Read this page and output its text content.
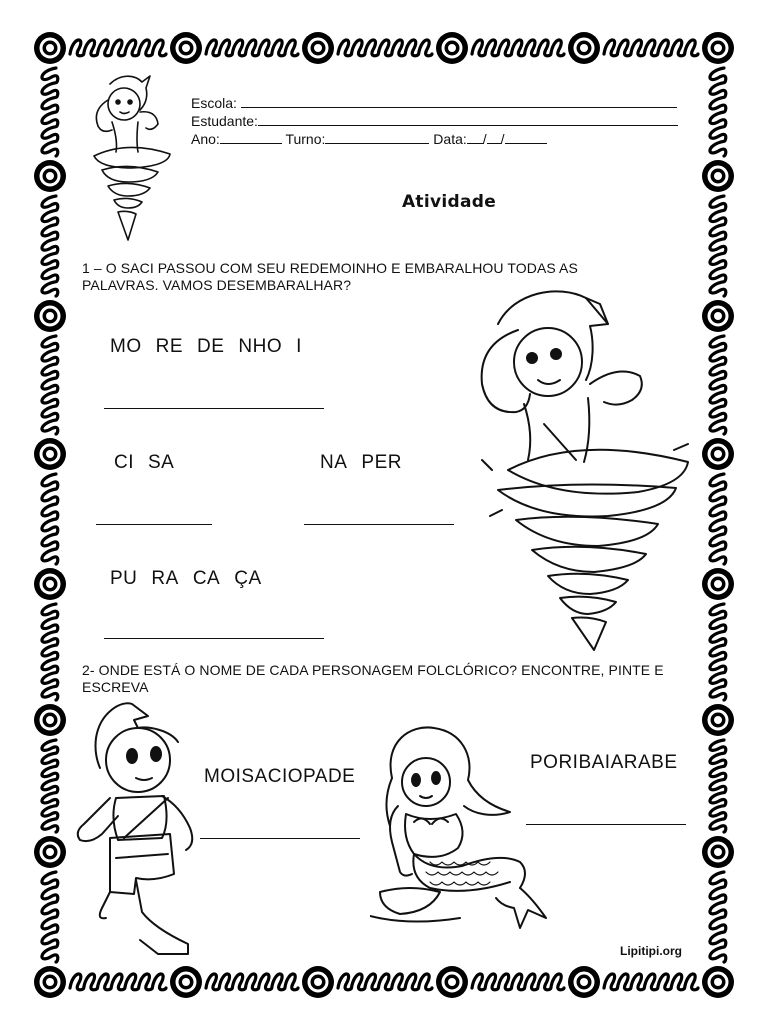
Escola:
Estudante:
Ano:	Turno:	Data: / /
Atividade
1 – O SACI PASSOU COM SEU REDEMOINHO E EMBARALHOU TODAS AS PALAVRAS. VAMOS DESEMBARALHAR?
MO RE DE NHO I
CI SA	NA PER
PU RA CA ÇA
2- ONDE ESTÁ O NOME DE CADA PERSONAGEM FOLCLÓRICO? ENCONTRE, PINTE E ESCREVA
MOISACIOPADE
PORIBAIARABE
Lipitipi.org
